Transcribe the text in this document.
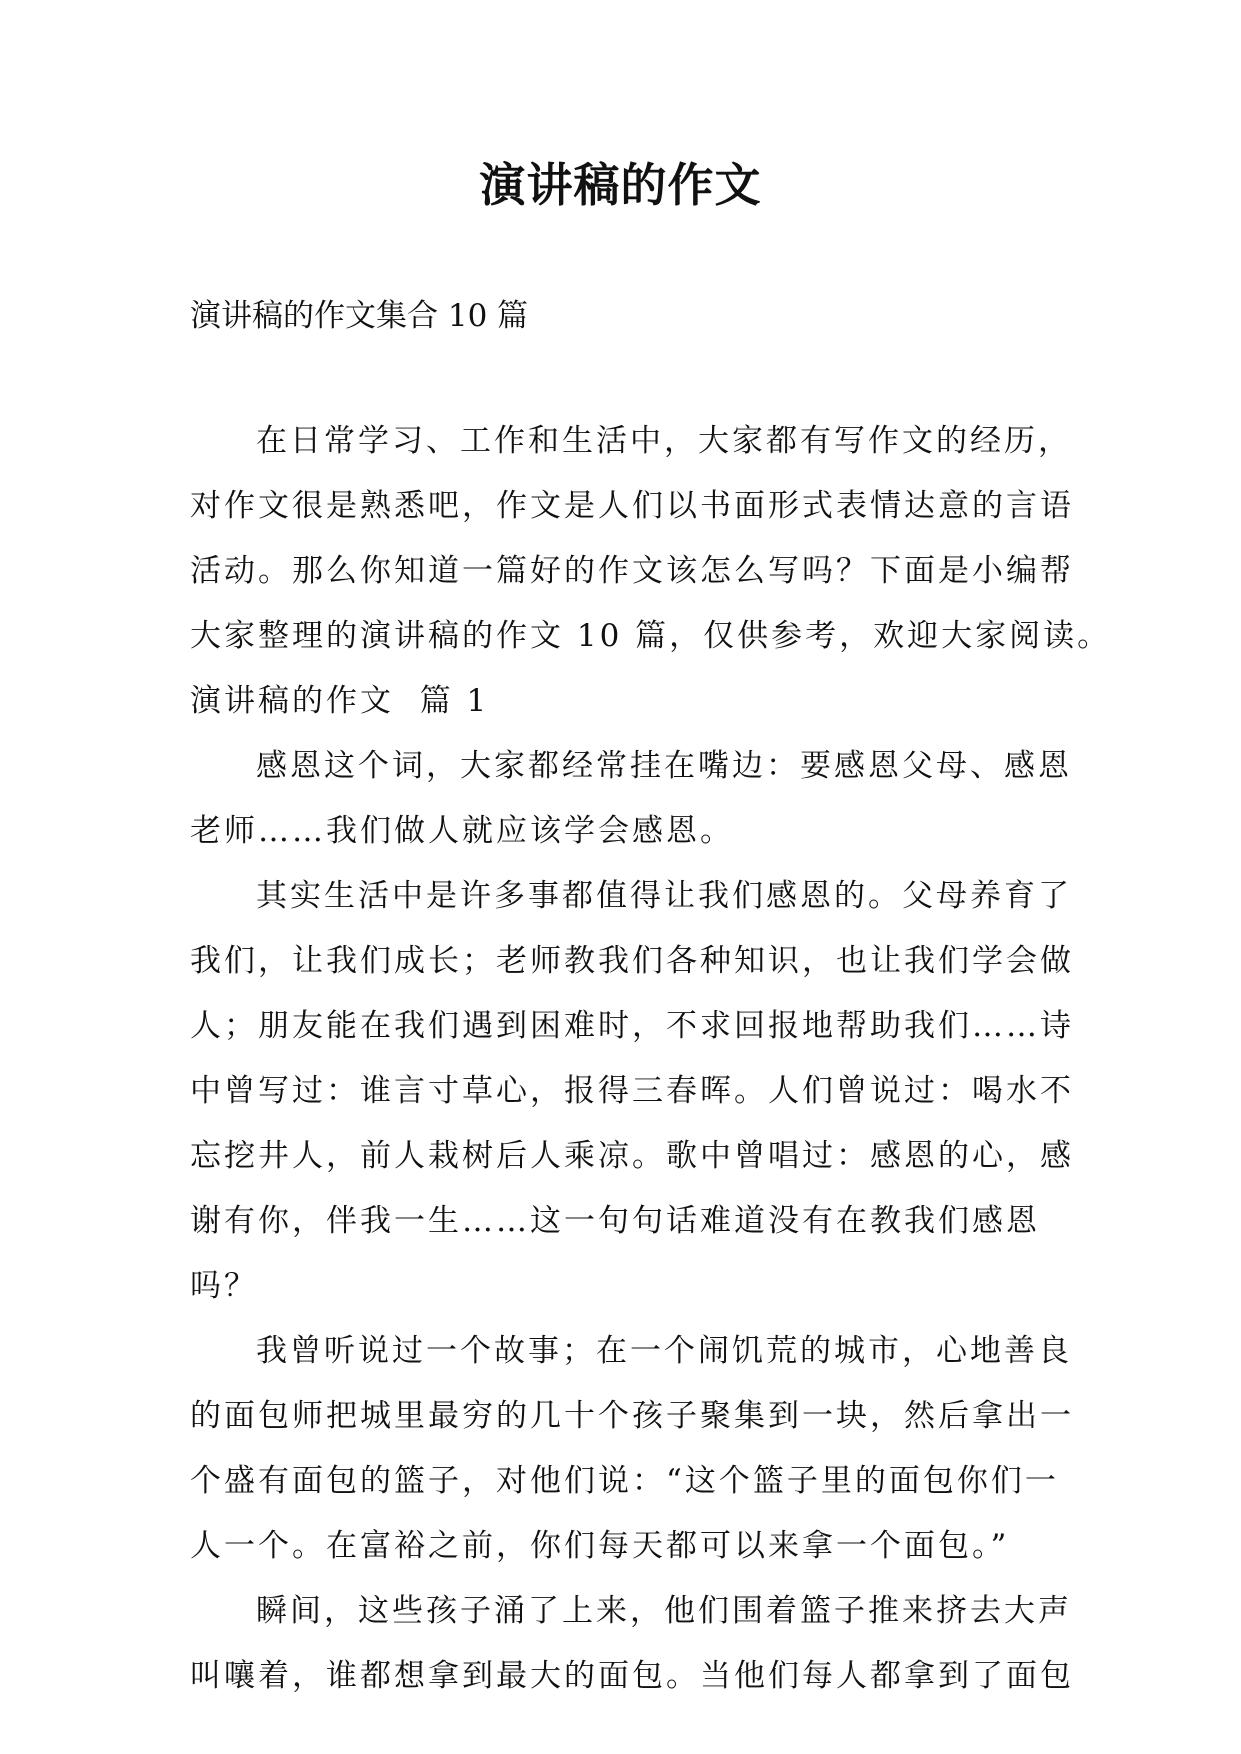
演讲稿的作文
演讲稿的作文集合 10 篇
在日常学习、工作和生活中，大家都有写作文的经历，
对作文很是熟悉吧，作文是人们以书面形式表情达意的言语
活动。那么你知道一篇好的作文该怎么写吗？下面是小编帮
大家整理的演讲稿的作文 10 篇，仅供参考，欢迎大家阅读。
演讲稿的作文  篇 1
感恩这个词，大家都经常挂在嘴边：要感恩父母、感恩
老师……我们做人就应该学会感恩。
其实生活中是许多事都值得让我们感恩的。父母养育了
我们，让我们成长；老师教我们各种知识，也让我们学会做
人；朋友能在我们遇到困难时，不求回报地帮助我们……诗
中曾写过：谁言寸草心，报得三春晖。人们曾说过：喝水不
忘挖井人，前人栽树后人乘凉。歌中曾唱过：感恩的心，感
谢有你，伴我一生……这一句句话难道没有在教我们感恩
吗？
我曾听说过一个故事；在一个闹饥荒的城市，心地善良
的面包师把城里最穷的几十个孩子聚集到一块，然后拿出一
个盛有面包的篮子，对他们说：“这个篮子里的面包你们一
人一个。在富裕之前，你们每天都可以来拿一个面包。”
瞬间，这些孩子涌了上来，他们围着篮子推来挤去大声
叫嚷着，谁都想拿到最大的面包。当他们每人都拿到了面包
